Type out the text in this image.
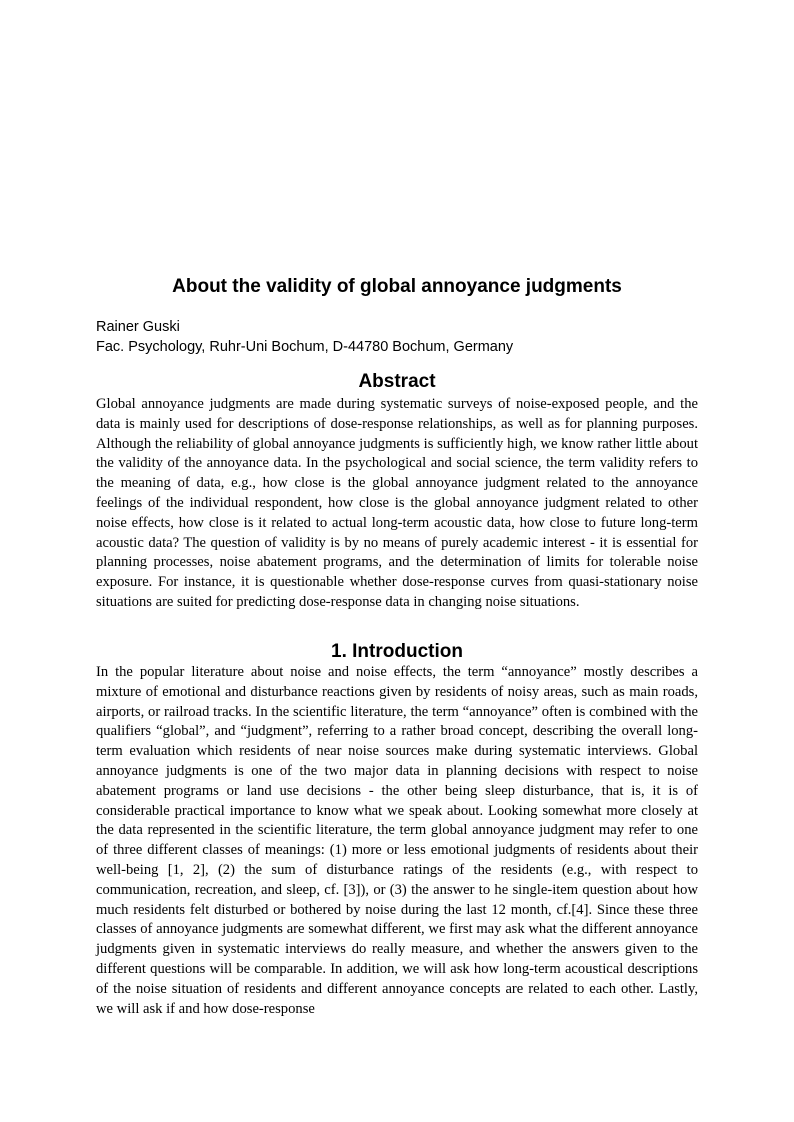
About the validity of global annoyance judgments
Rainer Guski
Fac. Psychology, Ruhr-Uni Bochum, D-44780 Bochum, Germany
Abstract

Global annoyance judgments are made during systematic surveys of noise-exposed people, and the data is mainly used for descriptions of dose-response relationships, as well as for planning purposes. Although the reliability of global annoyance judgments is sufficiently high, we know rather little about the validity of the annoyance data. In the psychological and social science, the term validity refers to the meaning of data, e.g., how close is the global annoyance judgment related to the annoyance feelings of the individual respondent, how close is the global annoyance judgment related to other noise effects, how close is it related to actual long-term acoustic data, how close to future long-term acoustic data? The question of validity is by no means of purely academic interest - it is essential for planning processes, noise abatement programs, and the determination of limits for tolerable noise exposure. For instance, it is questionable whether dose-response curves from quasi-stationary noise situations are suited for predicting dose-response data in changing noise situations.

1. Introduction

In the popular literature about noise and noise effects, the term “annoyance” mostly describes a mixture of emotional and disturbance reactions given by residents of noisy areas, such as main roads, airports, or railroad tracks. In the scientific literature, the term “annoyance” often is combined with the qualifiers “global”, and “judgment”, referring to a rather broad concept, describing the overall long-term evaluation which residents of near noise sources make during systematic interviews. Global annoyance judgments is one of the two major data in planning decisions with respect to noise abatement programs or land use decisions - the other being sleep disturbance, that is, it is of considerable practical importance to know what we speak about. Looking somewhat more closely at the data represented in the scientific literature, the term global annoyance judgment may refer to one of three different classes of meanings: (1) more or less emotional judgments of residents about their well-being [1, 2], (2) the sum of disturbance ratings of the residents (e.g., with respect to communication, recreation, and sleep, cf. [3]), or (3) the answer to he single-item question about how much residents felt disturbed or bothered by noise during the last 12 month, cf.[4]. Since these three classes of annoyance judgments are somewhat different, we first may ask what the different annoyance judgments given in systematic interviews do really measure, and whether the answers given to the different questions will be comparable. In addition, we will ask how long-term acoustical descriptions of the noise situation of residents and different annoyance concepts are related to each other. Lastly, we will ask if and how dose-response
